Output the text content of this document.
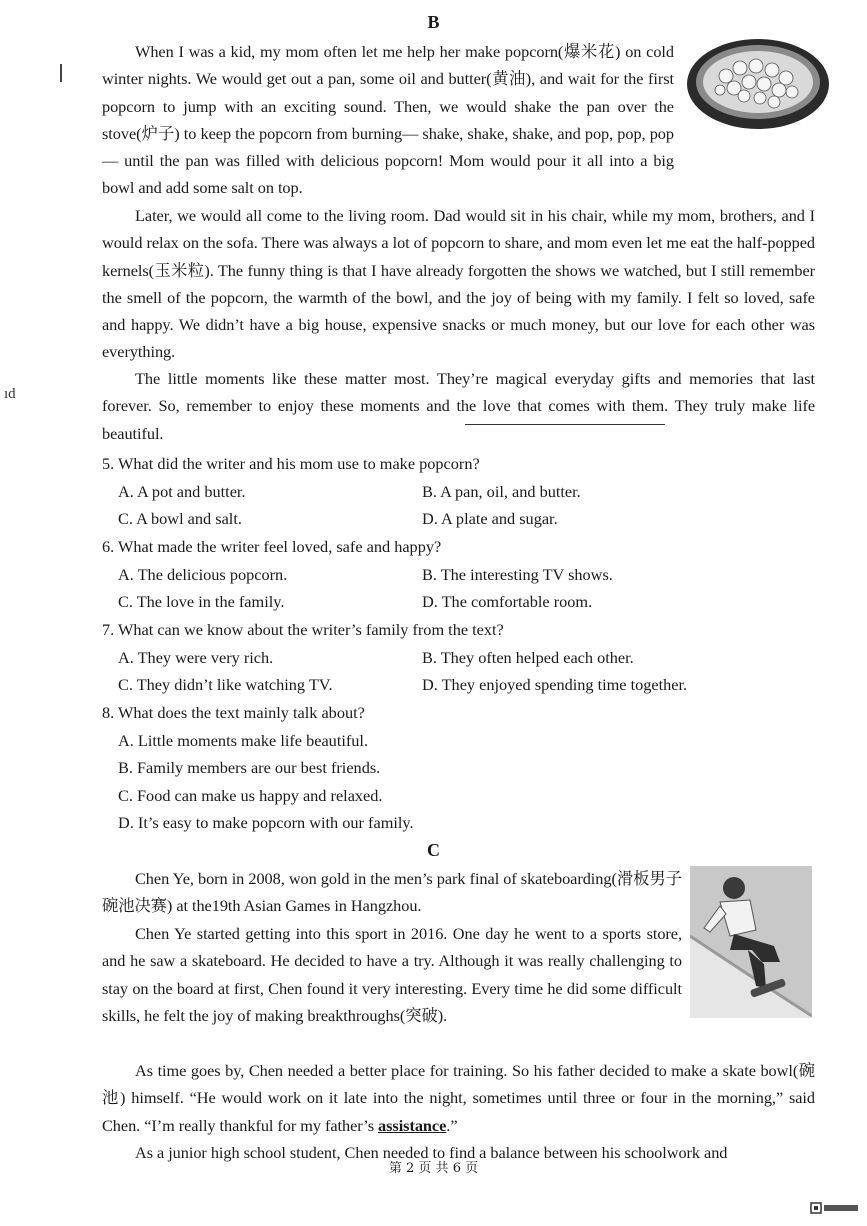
ıd
B

When I was a kid, my mom often let me help her make popcorn(爆米花) on cold winter nights. We would get out a pan, some oil and butter(黄油), and wait for the first popcorn to jump with an exciting sound. Then, we would shake the pan over the stove(炉子) to keep the popcorn from burning— shake, shake, shake, and pop, pop, pop— until the pan was filled with delicious popcorn! Mom would pour it all into a big bowl and add some salt on top.

Later, we would all come to the living room. Dad would sit in his chair, while my mom, brothers, and I would relax on the sofa. There was always a lot of popcorn to share, and mom even let me eat the half-popped kernels(玉米粒). The funny thing is that I have already forgotten the shows we watched, but I still remember the smell of the popcorn, the warmth of the bowl, and the joy of being with my family. I felt so loved, safe and happy. We didn’t have a big house, expensive snacks or much money, but our love for each other was everything.

The little moments like these matter most. They’re magical everyday gifts and memories that last forever. So, remember to enjoy these moments and the love that comes with them. They truly make life beautiful.

5. What did the writer and his mom use to make popcorn?
A. A pot and butter.	B. A pan, oil, and butter.
C. A bowl and salt.	D. A plate and sugar.
6. What made the writer feel loved, safe and happy?
A. The delicious popcorn.	B. The interesting TV shows.
C. The love in the family.	D. The comfortable room.
7. What can we know about the writer’s family from the text?
A. They were very rich.	B. They often helped each other.
C. They didn’t like watching TV.	D. They enjoyed spending time together.
8. What does the text mainly talk about?
A. Little moments make life beautiful.
B. Family members are our best friends.
C. Food can make us happy and relaxed.
D. It’s easy to make popcorn with our family.
C

Chen Ye, born in 2008, won gold in the men’s park final of skateboarding(滑板男子碗池决赛) at the19th Asian Games in Hangzhou.

Chen Ye started getting into this sport in 2016. One day he went to a sports store, and he saw a skateboard. He decided to have a try. Although it was really challenging to stay on the board at first, Chen found it very interesting. Every time he did some difficult skills, he felt the joy of making breakthroughs(突破).

As time goes by, Chen needed a better place for training. So his father decided to make a skate bowl(碗池) himself. “He would work on it late into the night, sometimes until three or four in the morning,” said Chen. “I’m really thankful for my father’s assistance.”

As a junior high school student, Chen needed to find a balance between his schoolwork and

第 2 页 共 6 页
